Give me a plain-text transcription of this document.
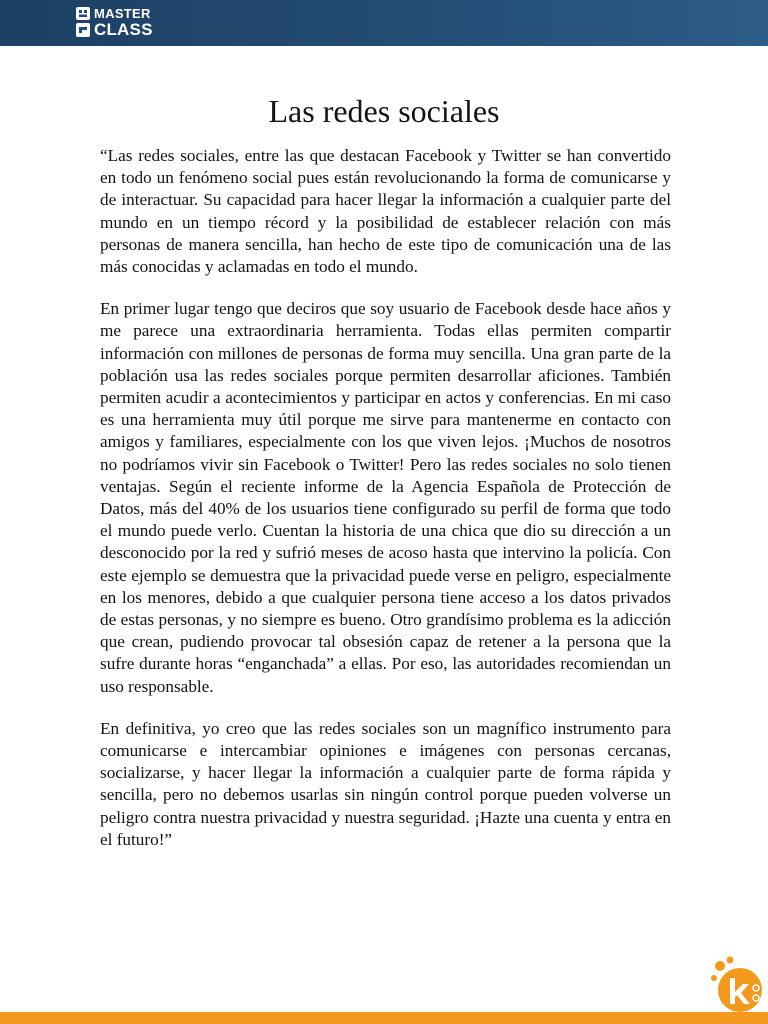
MASTER
CLASS
Las redes sociales

“Las redes sociales, entre las que destacan Facebook y Twitter se han convertido en todo un fenómeno social pues están revolucionando la forma de comunicarse y de interactuar. Su capacidad para hacer llegar la información a cualquier parte del mundo en un tiempo récord y la posibilidad de establecer relación con más personas de manera sencilla, han hecho de este tipo de comunicación una de las más conocidas y aclamadas en todo el mundo.

En primer lugar tengo que deciros que soy usuario de Facebook desde hace años y me parece una extraordinaria herramienta. Todas ellas permiten compartir información con millones de personas de forma muy sencilla. Una gran parte de la población usa las redes sociales porque permiten desarrollar aficiones. También permiten acudir a acontecimientos y participar en actos y conferencias. En mi caso es una herramienta muy útil porque me sirve para mantenerme en contacto con amigos y familiares, especialmente con los que viven lejos. ¡Muchos de nosotros no podríamos vivir sin Facebook o Twitter! Pero las redes sociales no solo tienen ventajas. Según el reciente informe de la Agencia Española de Protección de Datos, más del 40% de los usuarios tiene configurado su perfil de forma que todo el mundo puede verlo. Cuentan la historia de una chica que dio su dirección a un desconocido por la red y sufrió meses de acoso hasta que intervino la policía. Con este ejemplo se demuestra que la privacidad puede verse en peligro, especialmente en los menores, debido a que cualquier persona tiene acceso a los datos privados de estas personas, y no siempre es bueno. Otro grandísimo problema es la adicción que crean, pudiendo provocar tal obsesión capaz de retener a la persona que la sufre durante horas “enganchada” a ellas. Por eso, las autoridades recomiendan un uso responsable.

En definitiva, yo creo que las redes sociales son un magnífico instrumento para comunicarse e intercambiar opiniones e imágenes con personas cercanas, socializarse, y hacer llegar la información a cualquier parte de forma rápida y sencilla, pero no debemos usarlas sin ningún control porque pueden volverse un peligro contra nuestra privacidad y nuestra seguridad. ¡Hazte una cuenta y entra en el futuro!”
